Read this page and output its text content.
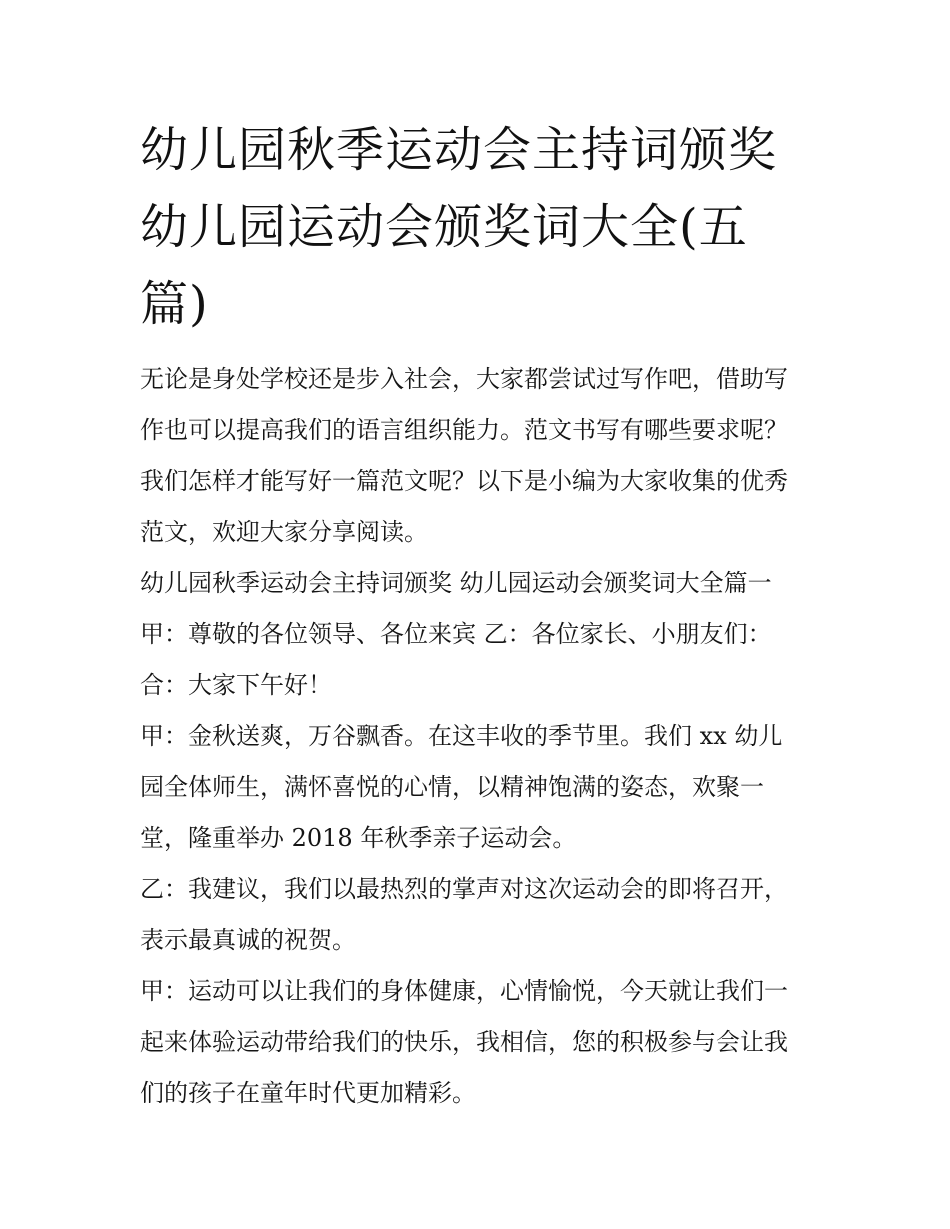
幼儿园秋季运动会主持词颁奖
幼儿园运动会颁奖词大全(五
篇)
无论是身处学校还是步入社会，大家都尝试过写作吧，借助写
作也可以提高我们的语言组织能力。范文书写有哪些要求呢？
我们怎样才能写好一篇范文呢？以下是小编为大家收集的优秀
范文，欢迎大家分享阅读。
幼儿园秋季运动会主持词颁奖 幼儿园运动会颁奖词大全篇一
甲：尊敬的各位领导、各位来宾 乙：各位家长、小朋友们：
合：大家下午好！
甲：金秋送爽，万谷飘香。在这丰收的季节里。我们 xx 幼儿
园全体师生，满怀喜悦的心情，以精神饱满的姿态，欢聚一
堂，隆重举办 2018 年秋季亲子运动会。
乙：我建议，我们以最热烈的掌声对这次运动会的即将召开，
表示最真诚的祝贺。
甲：运动可以让我们的身体健康，心情愉悦，今天就让我们一
起来体验运动带给我们的快乐，我相信，您的积极参与会让我
们的孩子在童年时代更加精彩。
